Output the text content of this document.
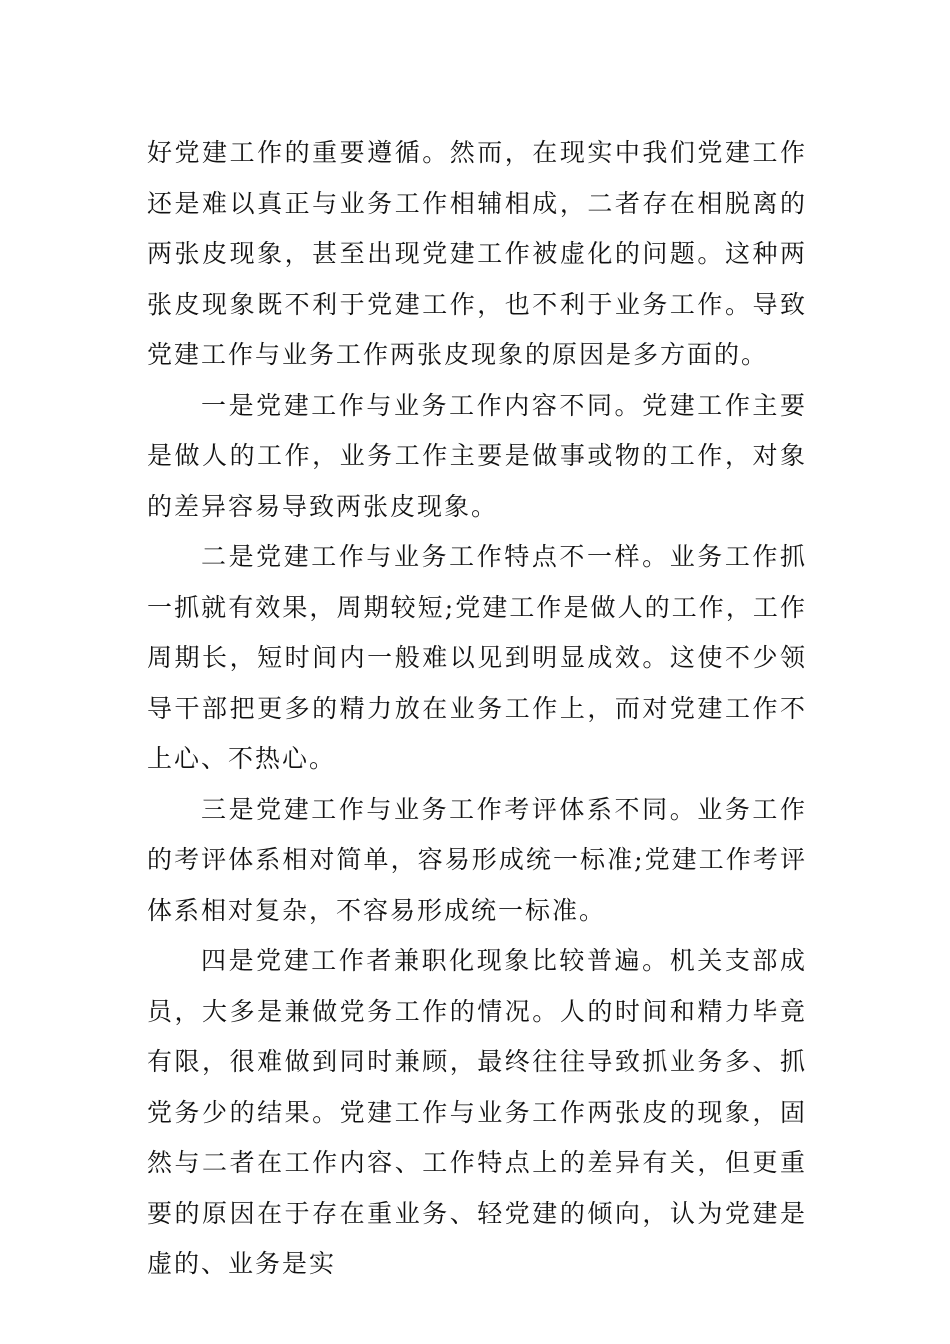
好党建工作的重要遵循。然而，在现实中我们党建工作还是难以真正与业务工作相辅相成，二者存在相脱离的两张皮现象，甚至出现党建工作被虚化的问题。这种两张皮现象既不利于党建工作，也不利于业务工作。导致党建工作与业务工作两张皮现象的原因是多方面的。

一是党建工作与业务工作内容不同。党建工作主要是做人的工作，业务工作主要是做事或物的工作，对象的差异容易导致两张皮现象。

二是党建工作与业务工作特点不一样。业务工作抓一抓就有效果，周期较短;党建工作是做人的工作，工作周期长，短时间内一般难以见到明显成效。这使不少领导干部把更多的精力放在业务工作上，而对党建工作不上心、不热心。

三是党建工作与业务工作考评体系不同。业务工作的考评体系相对简单，容易形成统一标准;党建工作考评体系相对复杂，不容易形成统一标准。

四是党建工作者兼职化现象比较普遍。机关支部成员，大多是兼做党务工作的情况。人的时间和精力毕竟有限，很难做到同时兼顾，最终往往导致抓业务多、抓党务少的结果。党建工作与业务工作两张皮的现象，固然与二者在工作内容、工作特点上的差异有关，但更重要的原因在于存在重业务、轻党建的倾向，认为党建是虚的、业务是实
